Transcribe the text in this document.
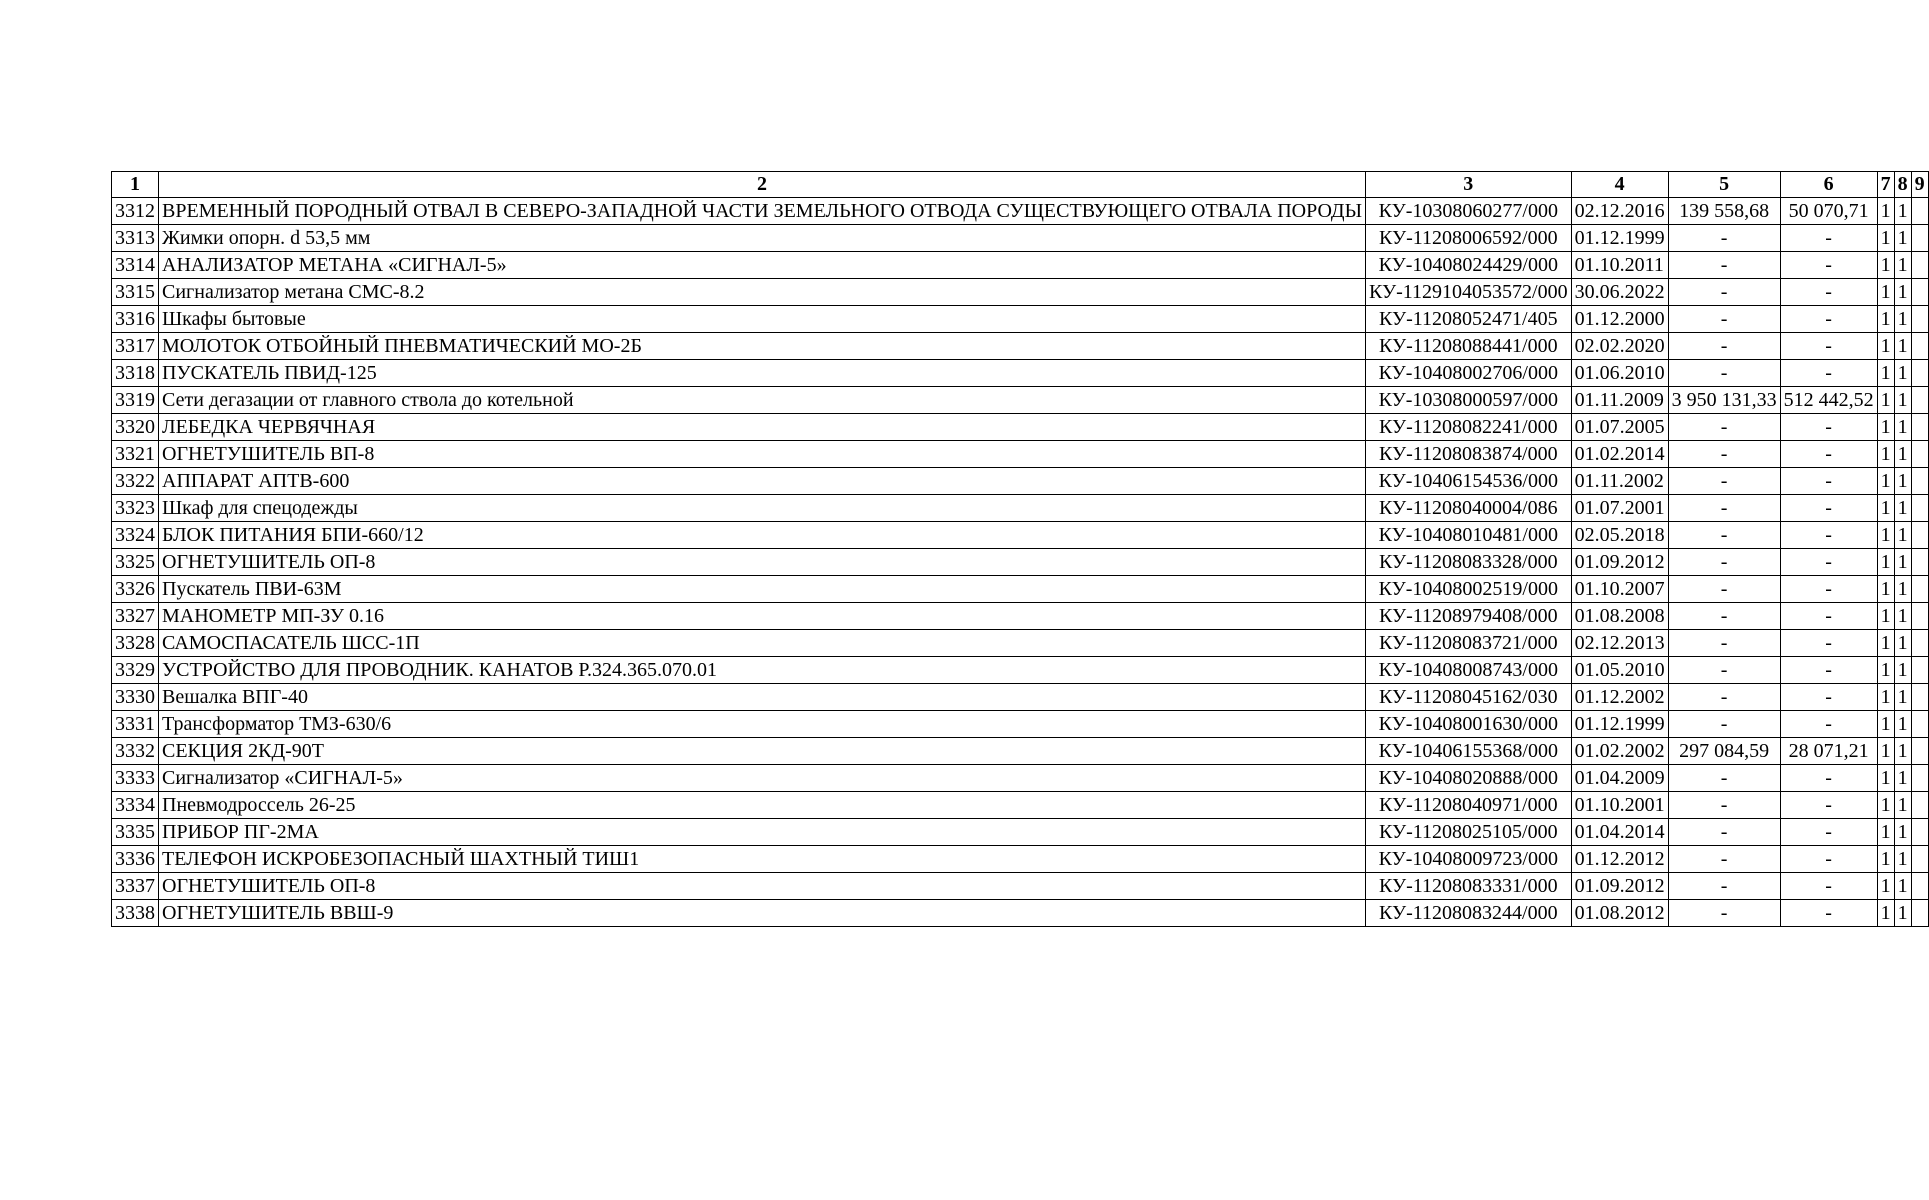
1	2	3	4	5	6	7	8	9
3312	ВРЕМЕННЫЙ ПОРОДНЫЙ ОТВАЛ В СЕВЕРО-ЗАПАДНОЙ ЧАСТИ ЗЕМЕЛЬНОГО ОТВОДА СУЩЕСТВУЮЩЕГО ОТВАЛА ПОРОДЫ	КУ-10308060277/000	02.12.2016	139 558,68	50 070,71	1	1	
3313	Жимки опорн. d 53,5 мм	КУ-11208006592/000	01.12.1999	-	-	1	1	
3314	АНАЛИЗАТОР МЕТАНА «СИГНАЛ-5»	КУ-10408024429/000	01.10.2011	-	-	1	1	
3315	Сигнализатор метана СМС-8.2	КУ-1129104053572/000	30.06.2022	-	-	1	1	
3316	Шкафы бытовые	КУ-11208052471/405	01.12.2000	-	-	1	1	
3317	МОЛОТОК ОТБОЙНЫЙ ПНЕВМАТИЧЕСКИЙ МО-2Б	КУ-11208088441/000	02.02.2020	-	-	1	1	
3318	ПУСКАТЕЛЬ ПВИД-125	КУ-10408002706/000	01.06.2010	-	-	1	1	
3319	Сети дегазации от главного ствола до котельной	КУ-10308000597/000	01.11.2009	3 950 131,33	512 442,52	1	1	
3320	ЛЕБЕДКА ЧЕРВЯЧНАЯ	КУ-11208082241/000	01.07.2005	-	-	1	1	
3321	ОГНЕТУШИТЕЛЬ ВП-8	КУ-11208083874/000	01.02.2014	-	-	1	1	
3322	АППАРАТ АПТВ-600	КУ-10406154536/000	01.11.2002	-	-	1	1	
3323	Шкаф для спецодежды	КУ-11208040004/086	01.07.2001	-	-	1	1	
3324	БЛОК ПИТАНИЯ БПИ-660/12	КУ-10408010481/000	02.05.2018	-	-	1	1	
3325	ОГНЕТУШИТЕЛЬ ОП-8	КУ-11208083328/000	01.09.2012	-	-	1	1	
3326	Пускатель ПВИ-63М	КУ-10408002519/000	01.10.2007	-	-	1	1	
3327	МАНОМЕТР МП-ЗУ 0.16	КУ-11208979408/000	01.08.2008	-	-	1	1	
3328	САМОСПАСАТЕЛЬ ШСС-1П	КУ-11208083721/000	02.12.2013	-	-	1	1	
3329	УСТРОЙСТВО ДЛЯ ПРОВОДНИК. КАНАТОВ Р.324.365.070.01	КУ-10408008743/000	01.05.2010	-	-	1	1	
3330	Вешалка ВПГ-40	КУ-11208045162/030	01.12.2002	-	-	1	1	
3331	Трансформатор ТМЗ-630/6	КУ-10408001630/000	01.12.1999	-	-	1	1	
3332	СЕКЦИЯ 2КД-90Т	КУ-10406155368/000	01.02.2002	297 084,59	28 071,21	1	1	
3333	Сигнализатор «СИГНАЛ-5»	КУ-10408020888/000	01.04.2009	-	-	1	1	
3334	Пневмодроссель 26-25	КУ-11208040971/000	01.10.2001	-	-	1	1	
3335	ПРИБОР ПГ-2МА	КУ-11208025105/000	01.04.2014	-	-	1	1	
3336	ТЕЛЕФОН ИСКРОБЕЗОПАСНЫЙ ШАХТНЫЙ ТИШ1	КУ-10408009723/000	01.12.2012	-	-	1	1	
3337	ОГНЕТУШИТЕЛЬ ОП-8	КУ-11208083331/000	01.09.2012	-	-	1	1	
3338	ОГНЕТУШИТЕЛЬ ВВШ-9	КУ-11208083244/000	01.08.2012	-	-	1	1	
